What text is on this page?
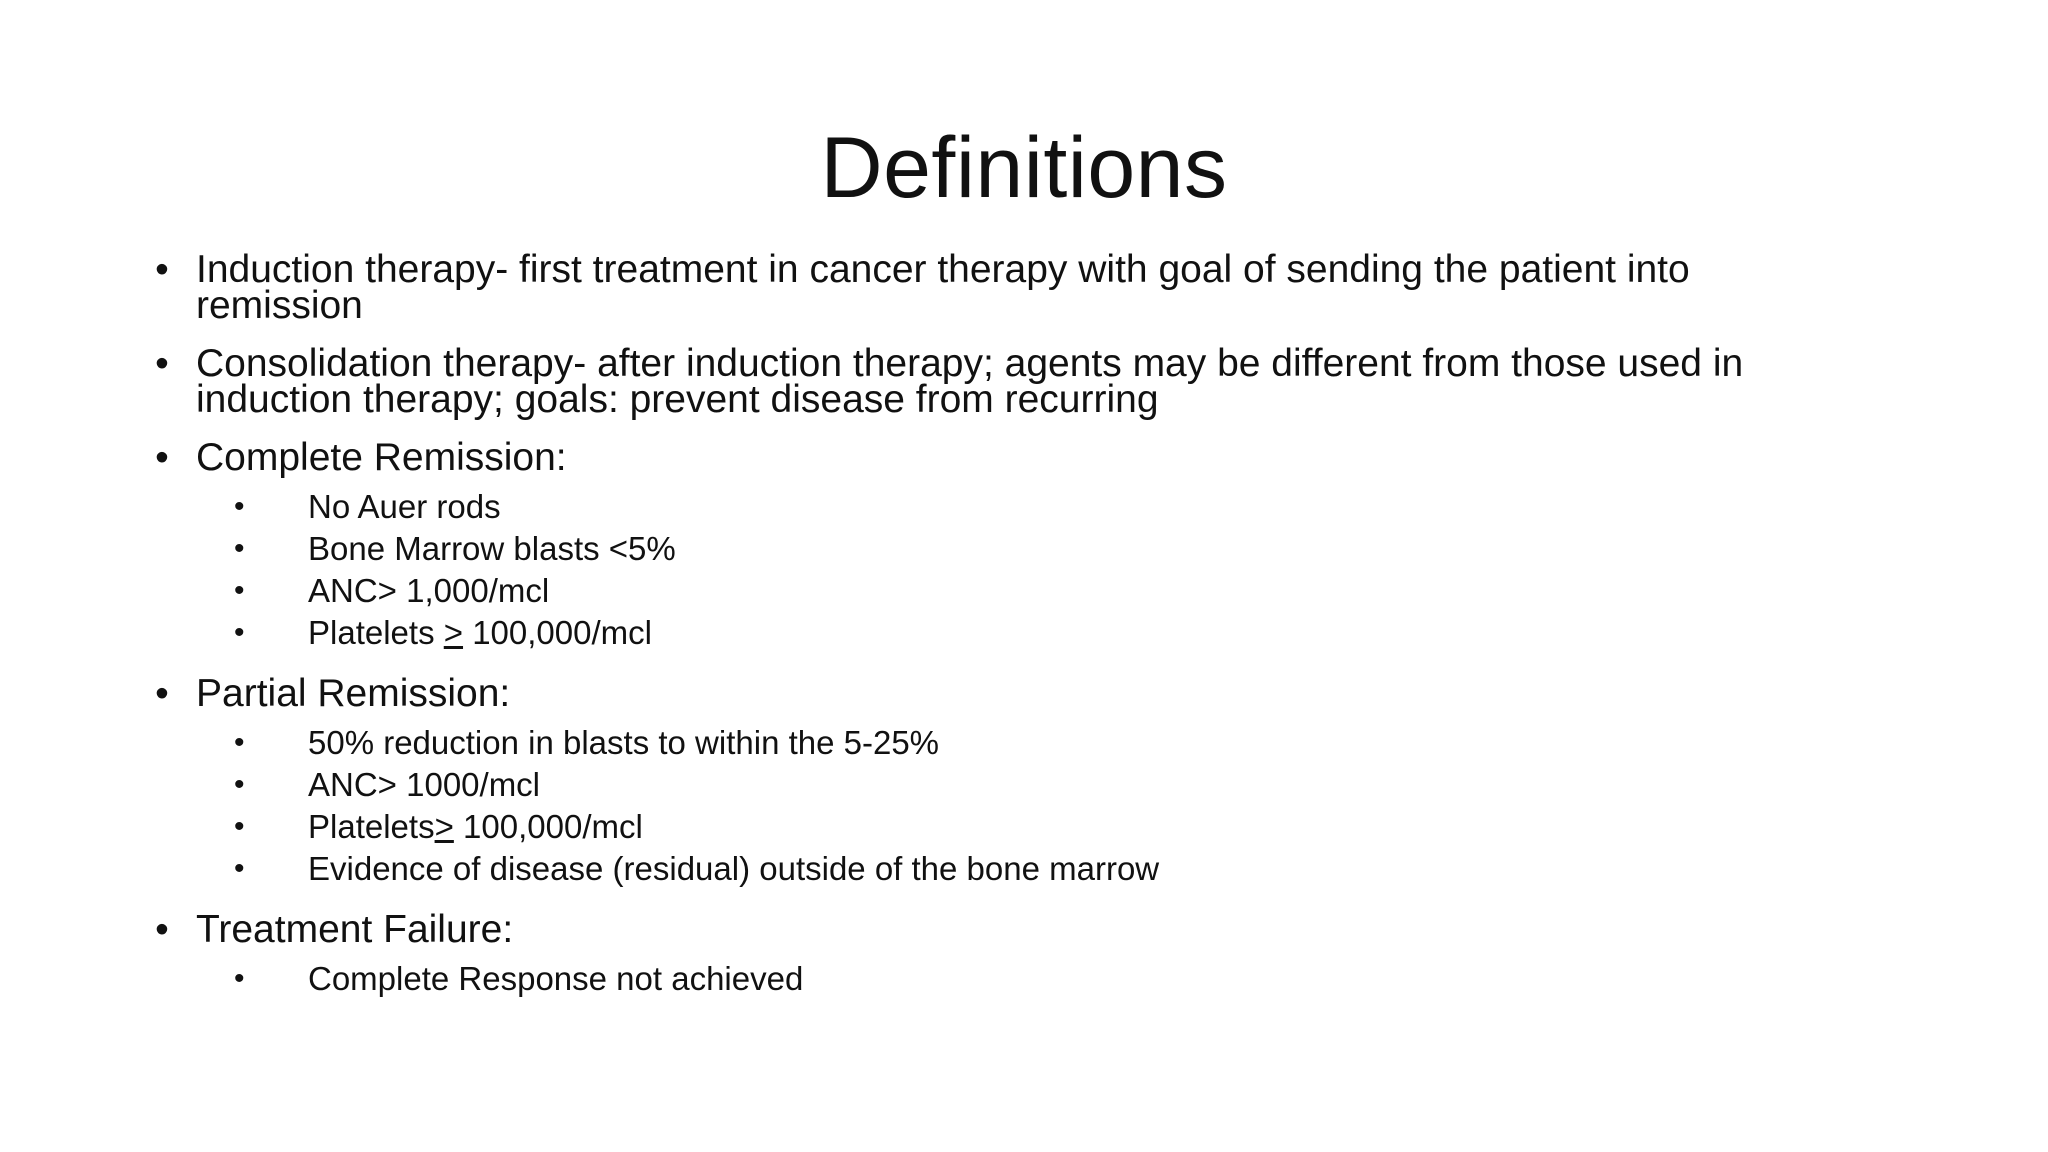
Definitions
• Induction therapy- first treatment in cancer therapy with goal of sending the patient into remission
• Consolidation therapy- after induction therapy; agents may be different from those used in induction therapy; goals: prevent disease from recurring
• Complete Remission:
•	No Auer rods
•	Bone Marrow blasts <5%
•	ANC> 1,000/mcl
•	Platelets ≥ 100,000/mcl
• Partial Remission:
•	50% reduction in blasts to within the 5-25%
•	ANC> 1000/mcl
•	Platelets≥ 100,000/mcl
•	Evidence of disease (residual) outside of the bone marrow
• Treatment Failure:
•	Complete Response not achieved
